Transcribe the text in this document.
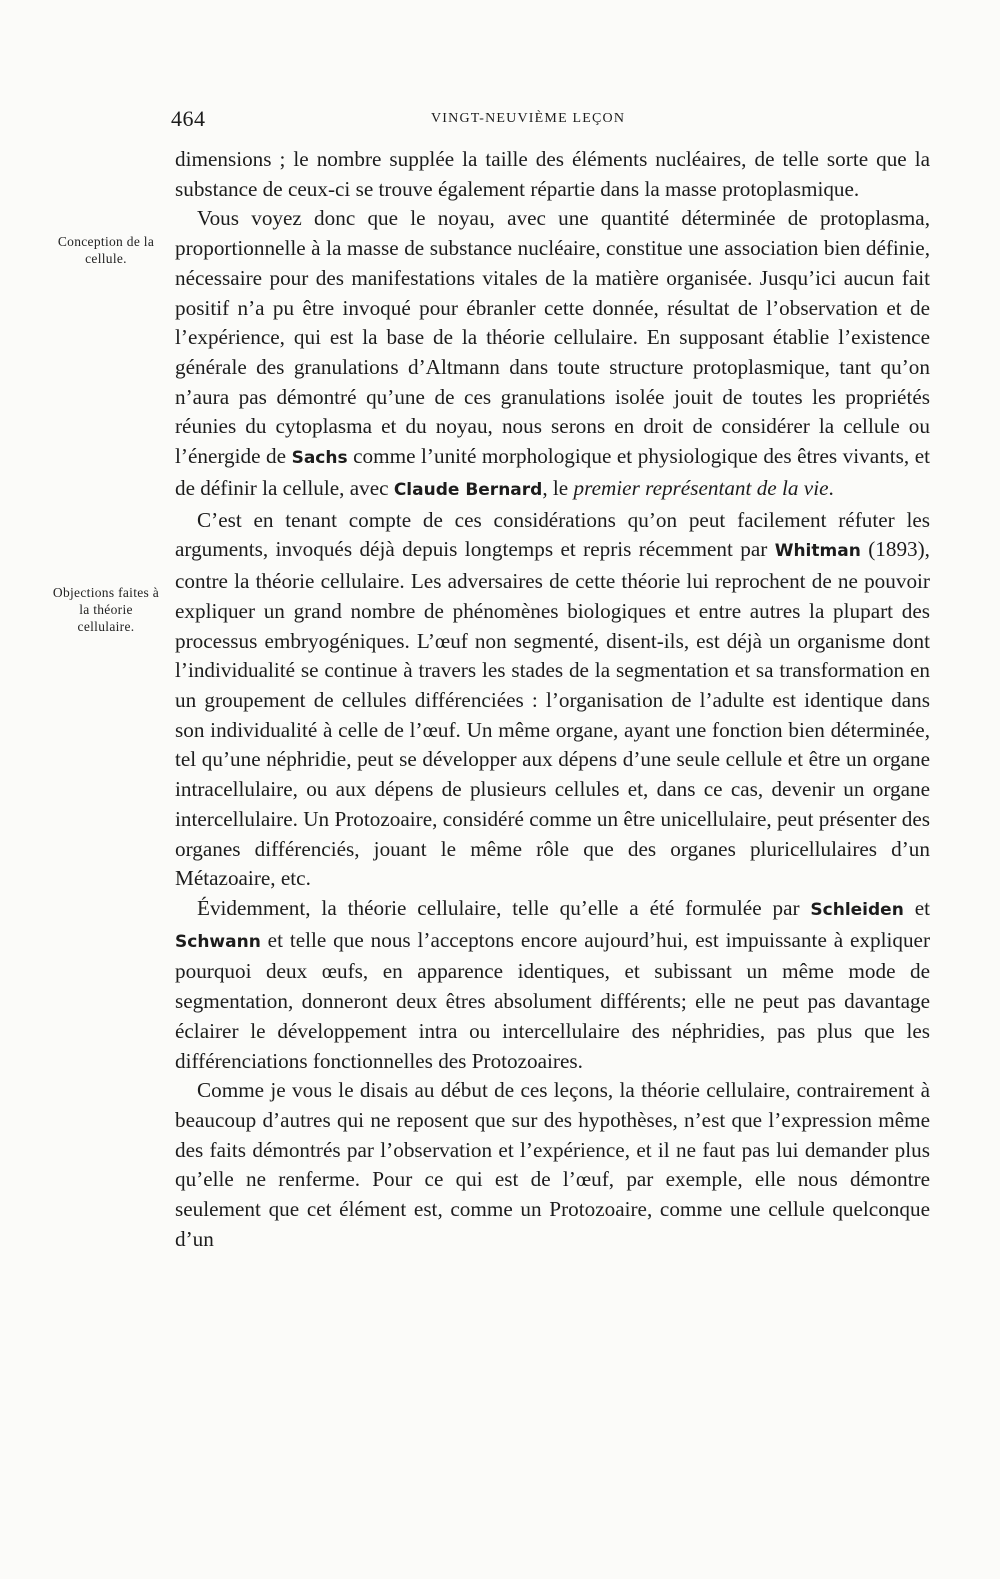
464	VINGT-NEUVIÈME LEÇON
Conception de la cellule.
Objections faites à la théorie cellulaire.

dimensions ; le nombre supplée la taille des éléments nucléaires, de telle sorte que la substance de ceux-ci se trouve également répartie dans la masse protoplasmique.

Vous voyez donc que le noyau, avec une quantité déterminée de protoplasma, proportionnelle à la masse de substance nucléaire, constitue une association bien définie, nécessaire pour des manifestations vitales de la matière organisée. Jusqu’ici aucun fait positif n’a pu être invoqué pour ébranler cette donnée, résultat de l’observation et de l’expérience, qui est la base de la théorie cellulaire. En supposant établie l’existence générale des granulations d’Altmann dans toute structure protoplasmique, tant qu’on n’aura pas démontré qu’une de ces granulations isolée jouit de toutes les propriétés réunies du cytoplasma et du noyau, nous serons en droit de considérer la cellule ou l’énergide de Sachs comme l’unité morphologique et physiologique des êtres vivants, et de définir la cellule, avec Claude Bernard, le premier représentant de la vie.

C’est en tenant compte de ces considérations qu’on peut facilement réfuter les arguments, invoqués déjà depuis longtemps et repris récemment par Whitman (1893), contre la théorie cellulaire. Les adversaires de cette théorie lui reprochent de ne pouvoir expliquer un grand nombre de phénomènes biologiques et entre autres la plupart des processus embryogéniques. L’œuf non segmenté, disent-ils, est déjà un organisme dont l’individualité se continue à travers les stades de la segmentation et sa transformation en un groupement de cellules différenciées : l’organisation de l’adulte est identique dans son individualité à celle de l’œuf. Un même organe, ayant une fonction bien déterminée, tel qu’une néphridie, peut se développer aux dépens d’une seule cellule et être un organe intracellulaire, ou aux dépens de plusieurs cellules et, dans ce cas, devenir un organe intercellulaire. Un Protozoaire, considéré comme un être unicellulaire, peut présenter des organes différenciés, jouant le même rôle que des organes pluricellulaires d’un Métazoaire, etc.

Évidemment, la théorie cellulaire, telle qu’elle a été formulée par Schleiden et Schwann et telle que nous l’acceptons encore aujourd’hui, est impuissante à expliquer pourquoi deux œufs, en apparence identiques, et subissant un même mode de segmentation, donneront deux êtres absolument différents; elle ne peut pas davantage éclairer le développement intra ou intercellulaire des néphridies, pas plus que les différenciations fonctionnelles des Protozoaires.

Comme je vous le disais au début de ces leçons, la théorie cellulaire, contrairement à beaucoup d’autres qui ne reposent que sur des hypothèses, n’est que l’expression même des faits démontrés par l’observation et l’expérience, et il ne faut pas lui demander plus qu’elle ne renferme. Pour ce qui est de l’œuf, par exemple, elle nous démontre seulement que cet élément est, comme un Protozoaire, comme une cellule quelconque d’un
